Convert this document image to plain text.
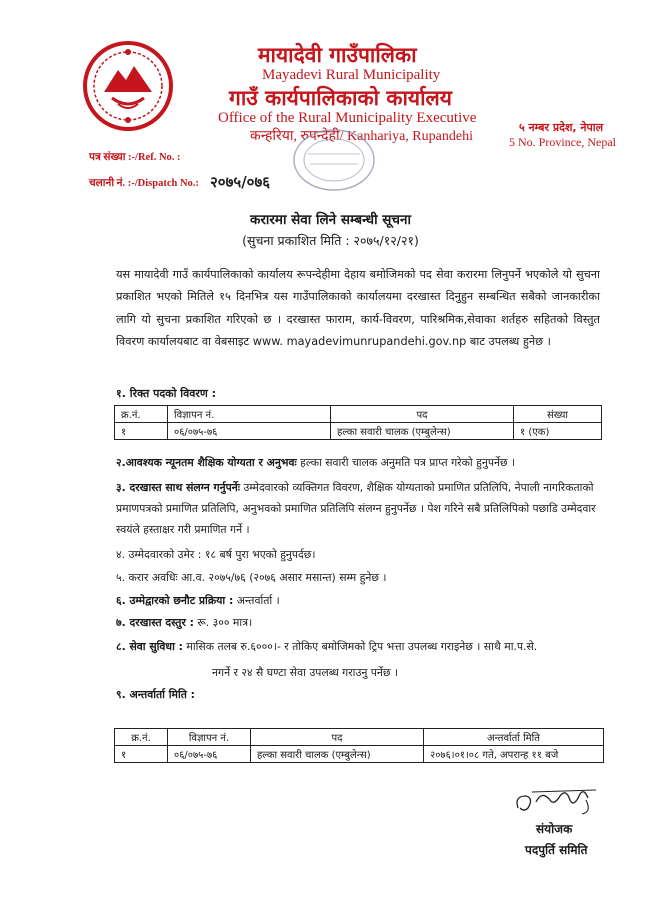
मायादेवी गाउँपालिका
Mayadevi Rural Municipality
गाउँ कार्यपालिकाको कार्यालय
Office of the Rural Municipality Executive
कन्हरिया, रुपन्देही/ Kanhariya, Rupandehi
५ नम्बर प्रदेश, नेपाल
5 No. Province, Nepal
पत्र संख्या :-/Ref. No. :
चलानी नं. :-/Dispatch No.: २०७५/०७६
करारमा सेवा लिने सम्बन्धी सूचना
(सुचना प्रकाशित मिति : २०७५/१२/२१)
यस मायादेवी गाउँ कार्यपालिकाको कार्यालय रूपन्देहीमा देहाय बमोजिमको पद सेवा करारमा लिनुपर्ने भएकोले यो सुचना प्रकाशित भएको मितिले १५ दिनभित्र यस गाउँपालिकाको कार्यालयमा दरखास्त दिनुहुन सम्बन्धित सबैको जानकारीका लागि यो सुचना प्रकाशित गरिएको छ । दरखास्त फाराम, कार्य-विवरण, पारिश्रमिक,सेवाका शर्तहरु सहितको विस्तुत विवरण कार्यालयबाट वा वेबसाइट www. mayadevimunrupandehi.gov.np बाट उपलब्ध हुनेछ ।
१. रिक्त पदको विवरण :
क्र.नं.	विज्ञापन नं.	पद	संख्या
१	०६/०७५-७६	हल्का सवारी चालक (एम्बुलेन्स)	१ (एक)
२.आवश्यक न्यूनतम शैक्षिक योग्यता र अनुभवः हल्का सवारी चालक अनुमति पत्र प्राप्त गरेको हुनुपर्नेछ ।
३. दरखास्त साथ संलग्न गर्नुपर्नेः उम्मेदवारको व्यक्तिगत विवरण, शैक्षिक योग्यताको प्रमाणित प्रतिलिपि, नेपाली नागरिकताको प्रमाणपत्रको प्रमाणित प्रतिलिपि, अनुभवको प्रमाणित प्रतिलिपि संलग्न हुनुपर्नेछ । पेश गरिने सबै प्रतिलिपिको पछाडि उम्मेदवार स्वयंले हस्ताक्षर गरी प्रमाणित गर्ने ।
४. उम्मेदवारको उमेर : १८ बर्ष पुरा भएको हुनुपर्दछ।
५. करार अवधिः आ.व. २०७५/७६ (२०७६ असार मसान्त) सम्म हुनेछ ।
६. उम्मेद्वारको छनौट प्रक्रिया : अन्तर्वार्ता ।
७. दरखास्त दस्तुर : रू. ३०० मात्र।
८. सेवा सुविधा : मासिक तलब रु.६०००।- र तोकिए बमोजिमको ट्रिप भत्ता उपलब्ध गराइनेछ । साथै मा.प.से.
नगर्ने र २४ सै घण्टा सेवा उपलब्ध गराउनु पर्नेछ ।
९. अन्तर्वार्ता मिति :
क्र.नं.	विज्ञापन नं.	पद	अन्तर्वार्ता मिति
१	०६/०७५-७६	हल्का सवारी चालक (एम्बुलेन्स)	२०७६।०१।०८ गते, अपरान्ह ११ बजे
संयोजक
पदपुर्ति समिति
